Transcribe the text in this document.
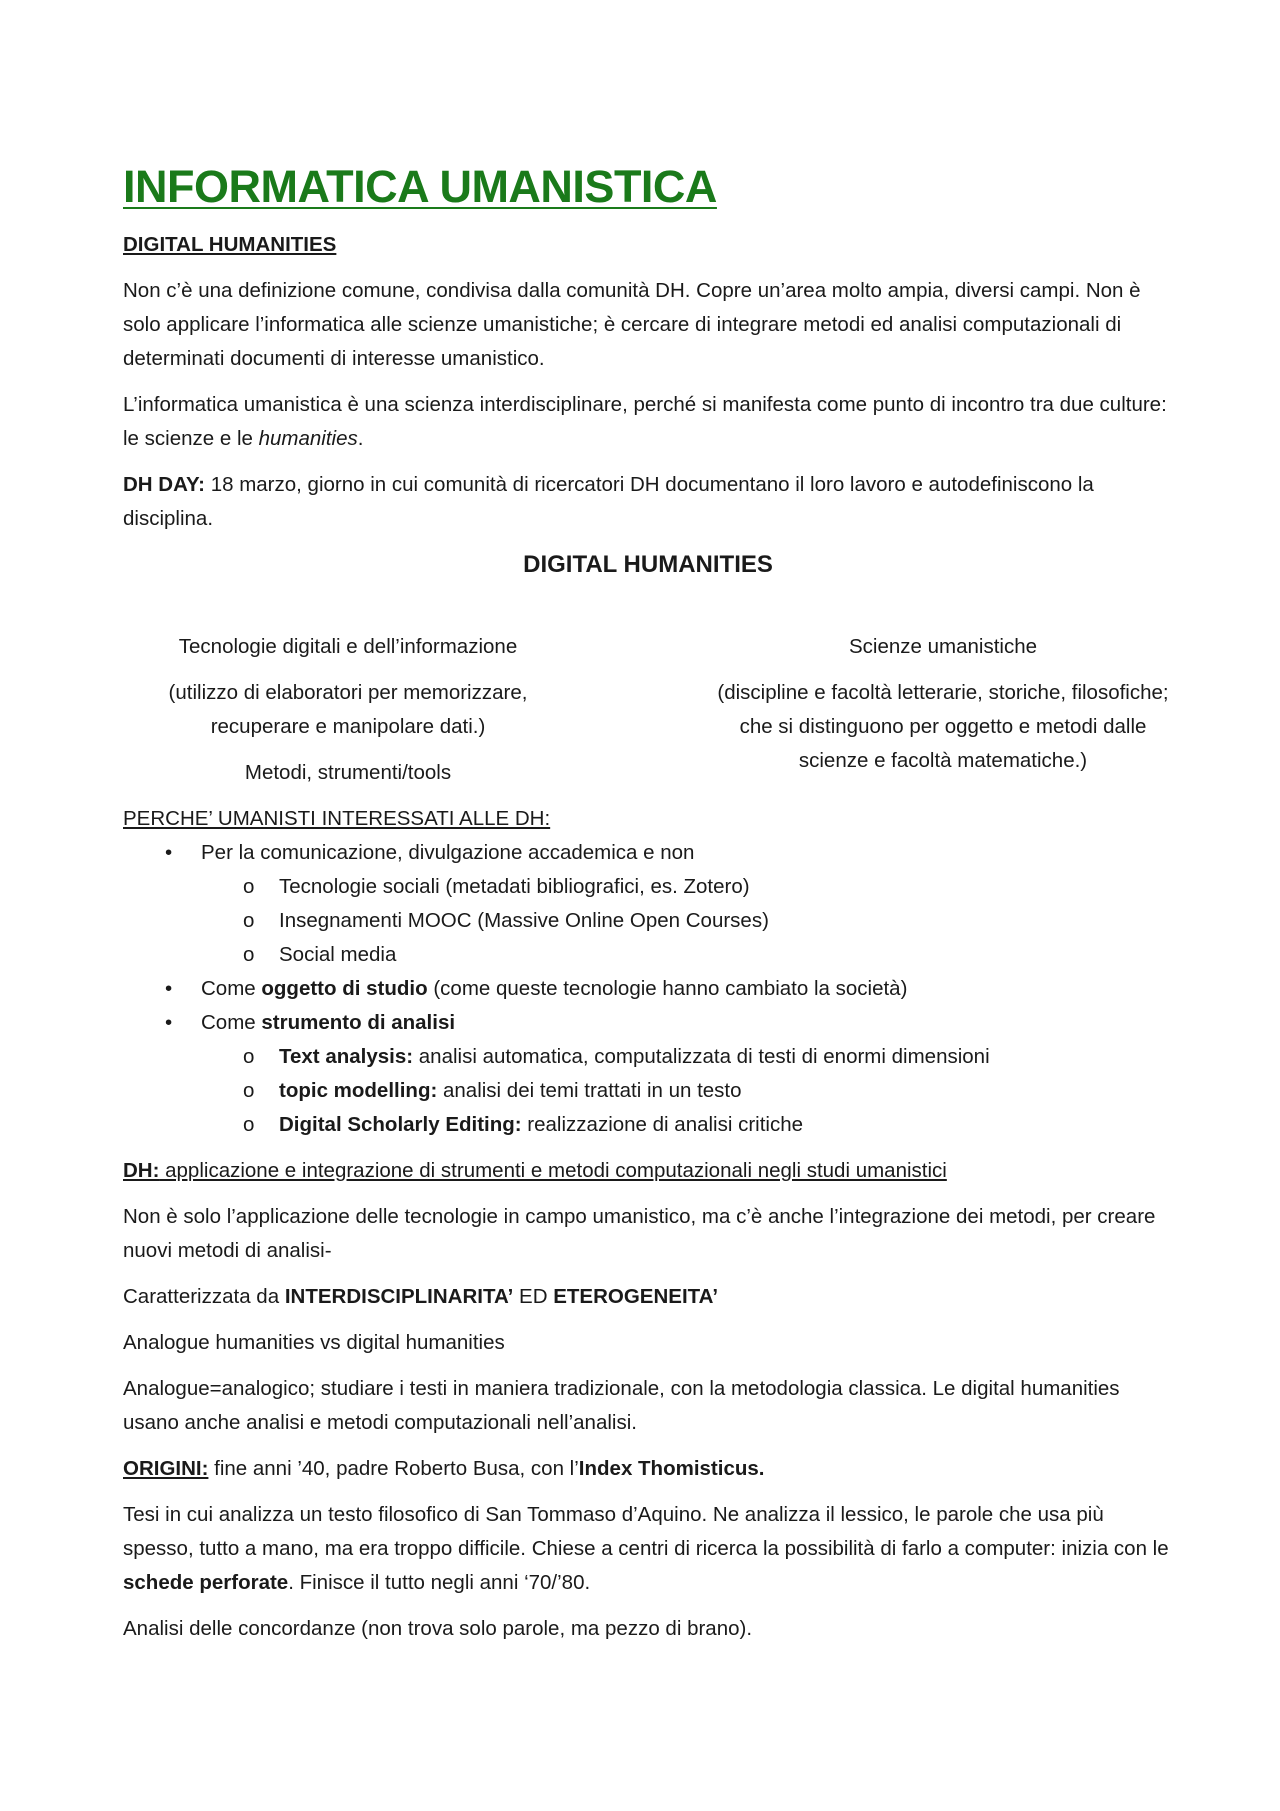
INFORMATICA UMANISTICA
DIGITAL HUMANITIES

Non c’è una definizione comune, condivisa dalla comunità DH. Copre un’area molto ampia, diversi campi. Non è solo applicare l’informatica alle scienze umanistiche; è cercare di integrare metodi ed analisi computazionali di determinati documenti di interesse umanistico.

L’informatica umanistica è una scienza interdisciplinare, perché si manifesta come punto di incontro tra due culture: le scienze e le humanities.

DH DAY: 18 marzo, giorno in cui comunità di ricercatori DH documentano il loro lavoro e autodefiniscono la disciplina.

DIGITAL HUMANITIES

Tecnologie digitali e dell’informazione

(utilizzo di elaboratori per memorizzare, recuperare e manipolare dati.)

Metodi, strumenti/tools

Scienze umanistiche

(discipline e facoltà letterarie, storiche, filosofiche; che si distinguono per oggetto e metodi dalle scienze e facoltà matematiche.)

PERCHE’ UMANISTI INTERESSATI ALLE DH:
• Per la comunicazione, divulgazione accademica e non
o Tecnologie sociali (metadati bibliografici, es. Zotero)
o Insegnamenti MOOC (Massive Online Open Courses)
o Social media
• Come oggetto di studio (come queste tecnologie hanno cambiato la società)
• Come strumento di analisi
o Text analysis: analisi automatica, computalizzata di testi di enormi dimensioni
o topic modelling: analisi dei temi trattati in un testo
o Digital Scholarly Editing: realizzazione di analisi critiche

DH: applicazione e integrazione di strumenti e metodi computazionali negli studi umanistici

Non è solo l’applicazione delle tecnologie in campo umanistico, ma c’è anche l’integrazione dei metodi, per creare nuovi metodi di analisi-

Caratterizzata da INTERDISCIPLINARITA’ ED ETEROGENEITA’

Analogue humanities vs digital humanities

Analogue=analogico; studiare i testi in maniera tradizionale, con la metodologia classica. Le digital humanities usano anche analisi e metodi computazionali nell’analisi.

ORIGINI: fine anni ’40, padre Roberto Busa, con l’Index Thomisticus.

Tesi in cui analizza un testo filosofico di San Tommaso d’Aquino. Ne analizza il lessico, le parole che usa più spesso, tutto a mano, ma era troppo difficile. Chiese a centri di ricerca la possibilità di farlo a computer: inizia con le schede perforate. Finisce il tutto negli anni ‘70/’80.

Analisi delle concordanze (non trova solo parole, ma pezzo di brano).
